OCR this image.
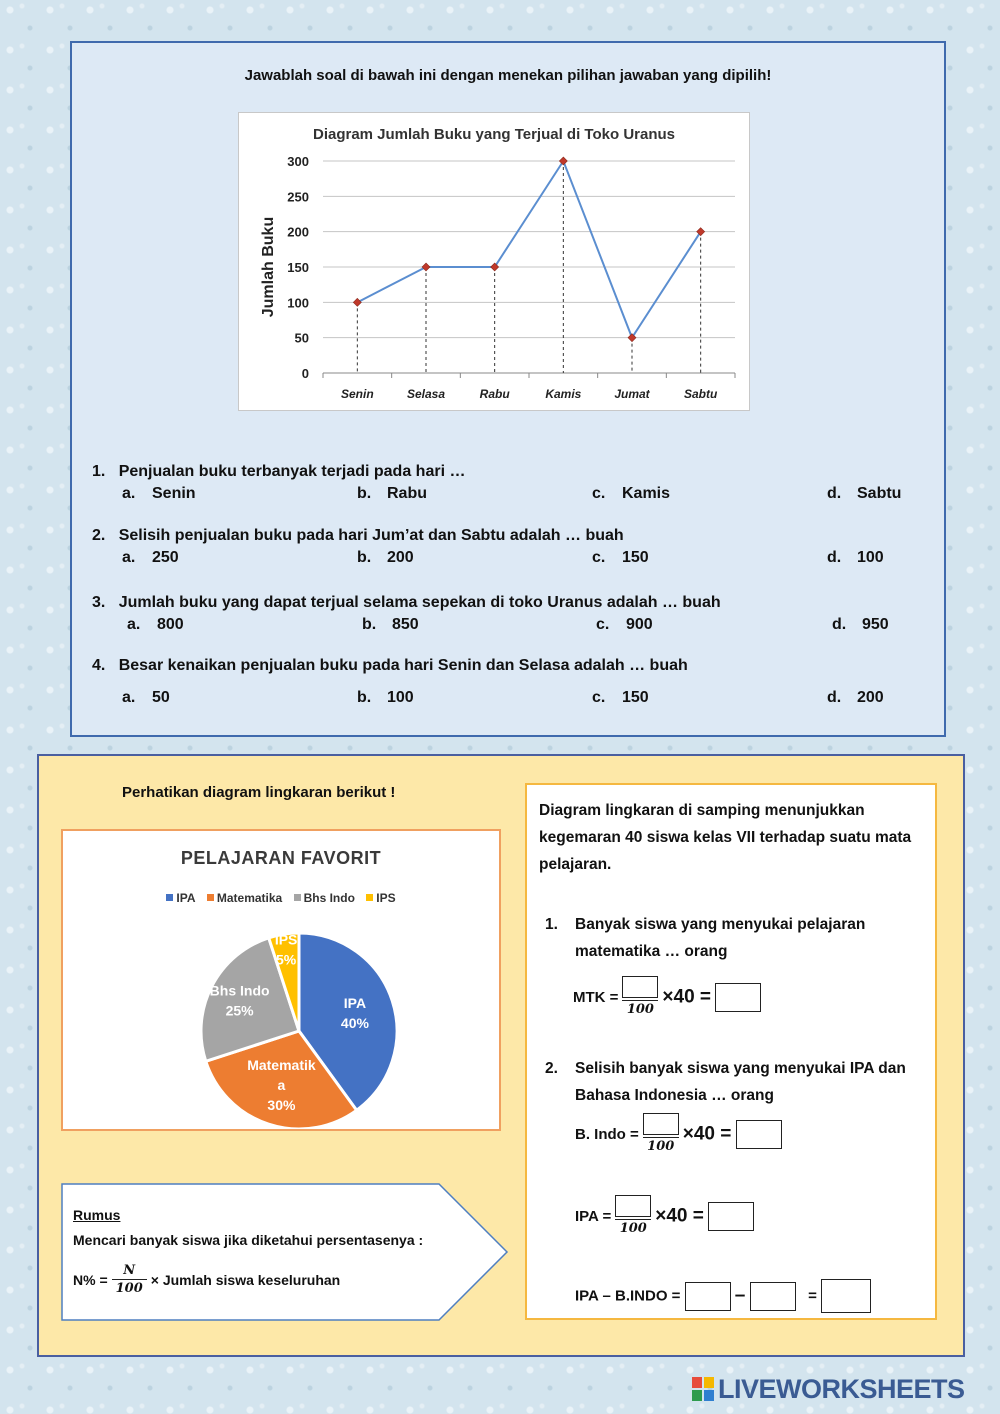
Jawablah soal di bawah ini dengan menekan pilihan jawaban yang dipilih!
Diagram Jumlah Buku yang Terjual di Toko Uranus
0
50
100
150
200
250
300
Jumlah Buku
Senin	Selasa	Rabu	Kamis	Jumat	Sabtu
1. Penjualan buku terbanyak terjadi pada hari …
a. Senin	b. Rabu	c. Kamis	d. Sabtu
2. Selisih penjualan buku pada hari Jum’at dan Sabtu adalah … buah
a. 250	b. 200	c. 150	d. 100
3. Jumlah buku yang dapat terjual selama sepekan di toko Uranus adalah … buah
a. 800	b. 850	c. 900	d. 950
4. Besar kenaikan penjualan buku pada hari Senin dan Selasa adalah … buah
a. 50	b. 100	c. 150	d. 200
Perhatikan diagram lingkaran berikut !
PELAJARAN FAVORIT
IPA Matematika Bhs Indo IPS
IPA
40%
Matematik
a
30%
Bhs Indo
25%
IPS
5%
Rumus
Mencari banyak siswa jika diketahui persentasenya :
$N\% = \frac{N}{100}$ × Jumlah siswa keseluruhan
Diagram lingkaran di samping menunjukkan kegemaran 40 siswa kelas VII terhadap suatu mata pelajaran.
1.	Banyak siswa yang menyukai pelajaran matematika … orang
MTK =
100
×40 =
2.	Selisih banyak siswa yang menyukai IPA dan Bahasa Indonesia … orang
B. Indo =
100
×40 =
IPA =
100
×40 =
IPA – B.INDO =	–	=
LIVEWORKSHEETS
